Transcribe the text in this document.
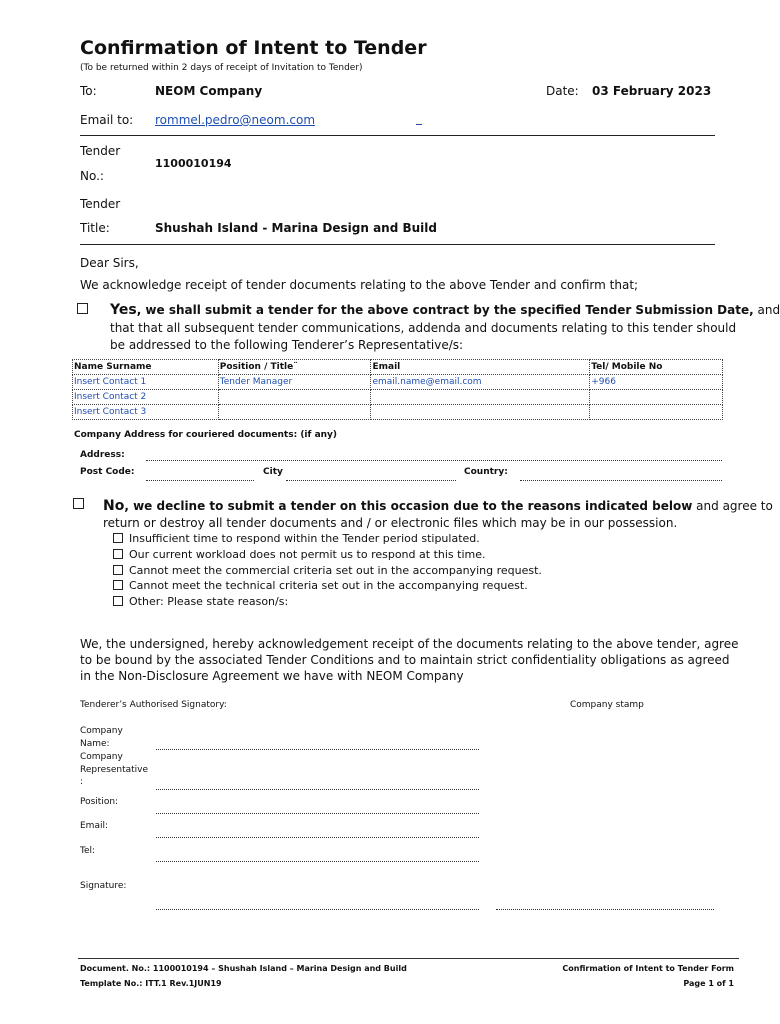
Confirmation of Intent to Tender
(To be returned within 2 days of receipt of Invitation to Tender)
To:	NEOM Company	Date: 03 February 2023
Email to: rommel.pedro@neom.com
Tender
No.:
1100010194
Tender
Title:	Shushah Island - Marina Design and Build
Dear Sirs,
We acknowledge receipt of tender documents relating to the above Tender and confirm that;
Yes, we shall submit a tender for the above contract by the specified Tender Submission Date, and
that that all subsequent tender communications, addenda and documents relating to this tender should
be addressed to the following Tenderer’s Representative/s:
Name Surname	Position / Title¨	Email	Tel/ Mobile No
Insert Contact 1	Tender Manager	email.name@email.com	+966
Insert Contact 2			
Insert Contact 3			
Company Address for couriered documents: (if any)
Address:
Post Code:	City	Country:
No, we decline to submit a tender on this occasion due to the reasons indicated below and agree to
return or destroy all tender documents and / or electronic files which may be in our possession.
Insufficient time to respond within the Tender period stipulated.
Our current workload does not permit us to respond at this time.
Cannot meet the commercial criteria set out in the accompanying request.
Cannot meet the technical criteria set out in the accompanying request.
Other: Please state reason/s:
We, the undersigned, hereby acknowledgement receipt of the documents relating to the above tender, agree
to be bound by the associated Tender Conditions and to maintain strict confidentiality obligations as agreed
in the Non-Disclosure Agreement we have with NEOM Company
Tenderer’s Authorised Signatory:	Company stamp
Company
Name:
Company
Representative
:
Position:
Email:
Tel:
Signature:
Document. No.: 1100010194 – Shushah Island – Marina Design and Build	Confirmation of Intent to Tender Form
Template No.: ITT.1 Rev.1JUN19	Page 1 of 1
